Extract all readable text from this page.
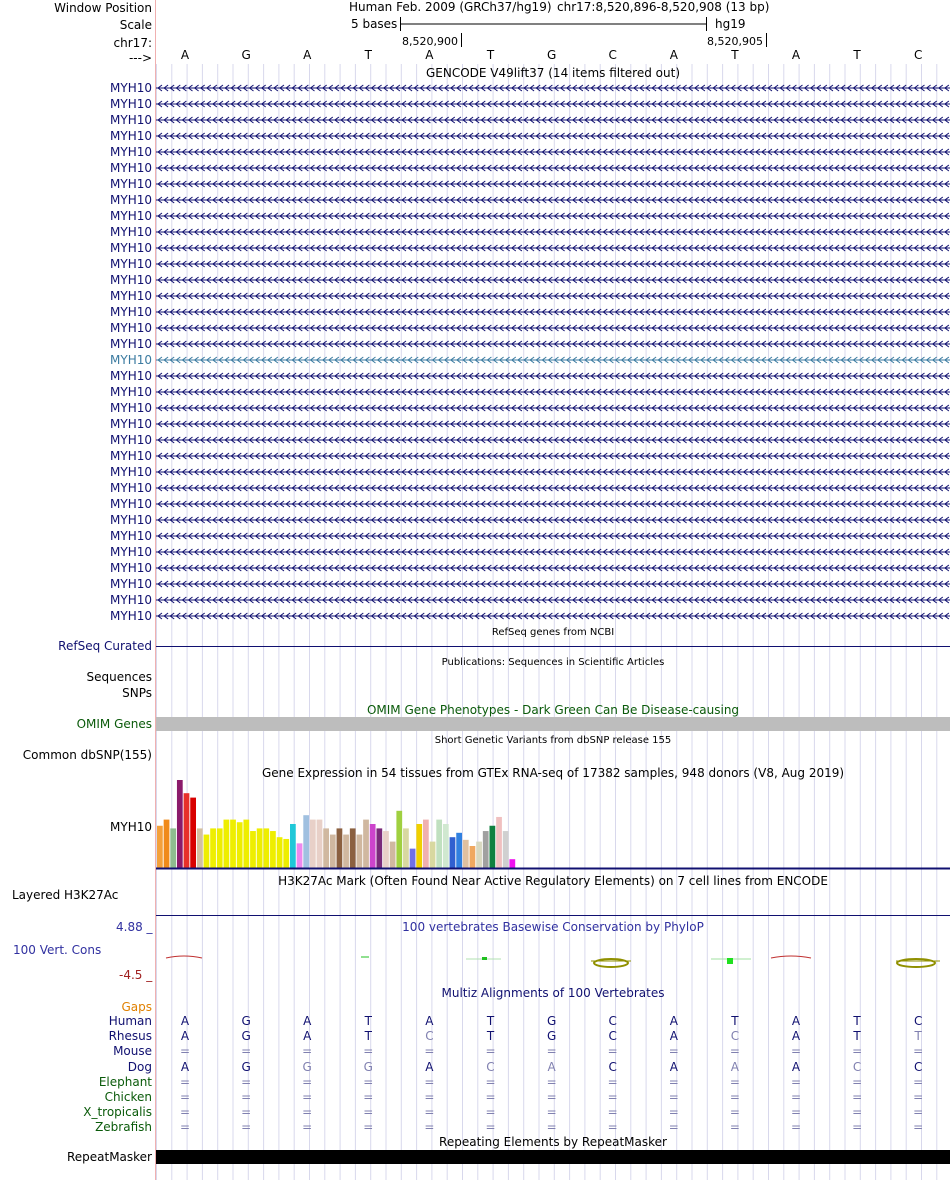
Window Position
Scale
chr17:
--->
Human Feb. 2009 (GRCh37/hg19) chr17:8,520,896-8,520,908 (13 bp)
5 bases	hg19
8,520,900	8,520,905
A	G	A	T	A	T	G	C	A	T	A	T	C
GENCODE V49lift37 (14 items filtered out)
MYH10
MYH10
MYH10
MYH10
MYH10
MYH10
MYH10
MYH10
MYH10
MYH10
MYH10
MYH10
MYH10
MYH10
MYH10
MYH10
MYH10
MYH10
MYH10
MYH10
MYH10
MYH10
MYH10
MYH10
MYH10
MYH10
MYH10
MYH10
MYH10
MYH10
MYH10
MYH10
MYH10
MYH10
RefSeq genes from NCBI
RefSeq Curated
Publications: Sequences in Scientific Articles
Sequences
SNPs
OMIM Gene Phenotypes - Dark Green Can Be Disease-causing
OMIM Genes
Short Genetic Variants from dbSNP release 155
Common dbSNP(155)
Gene Expression in 54 tissues from GTEx RNA-seq of 17382 samples, 948 donors (V8, Aug 2019)
MYH10
H3K27Ac Mark (Often Found Near Active Regulatory Elements) on 7 cell lines from ENCODE
Layered H3K27Ac
100 vertebrates Basewise Conservation by PhyloP
4.88 _
100 Vert. Cons
-4.5 _
Multiz Alignments of 100 Vertebrates
Gaps
Human	A	G	A	T	A	T	G	C	A	T	A	T	C
Rhesus	A	G	A	T	C	T	G	C	A	C	A	T	T
Mouse	=	=	=	=	=	=	=	=	=	=	=	=	=
Dog	A	G	G	G	A	C	A	C	A	A	A	C	C
Elephant	=	=	=	=	=	=	=	=	=	=	=	=	=
Chicken	=	=	=	=	=	=	=	=	=	=	=	=	=
X_tropicalis	=	=	=	=	=	=	=	=	=	=	=	=	=
Zebrafish	=	=	=	=	=	=	=	=	=	=	=	=	=
Repeating Elements by RepeatMasker
RepeatMasker
